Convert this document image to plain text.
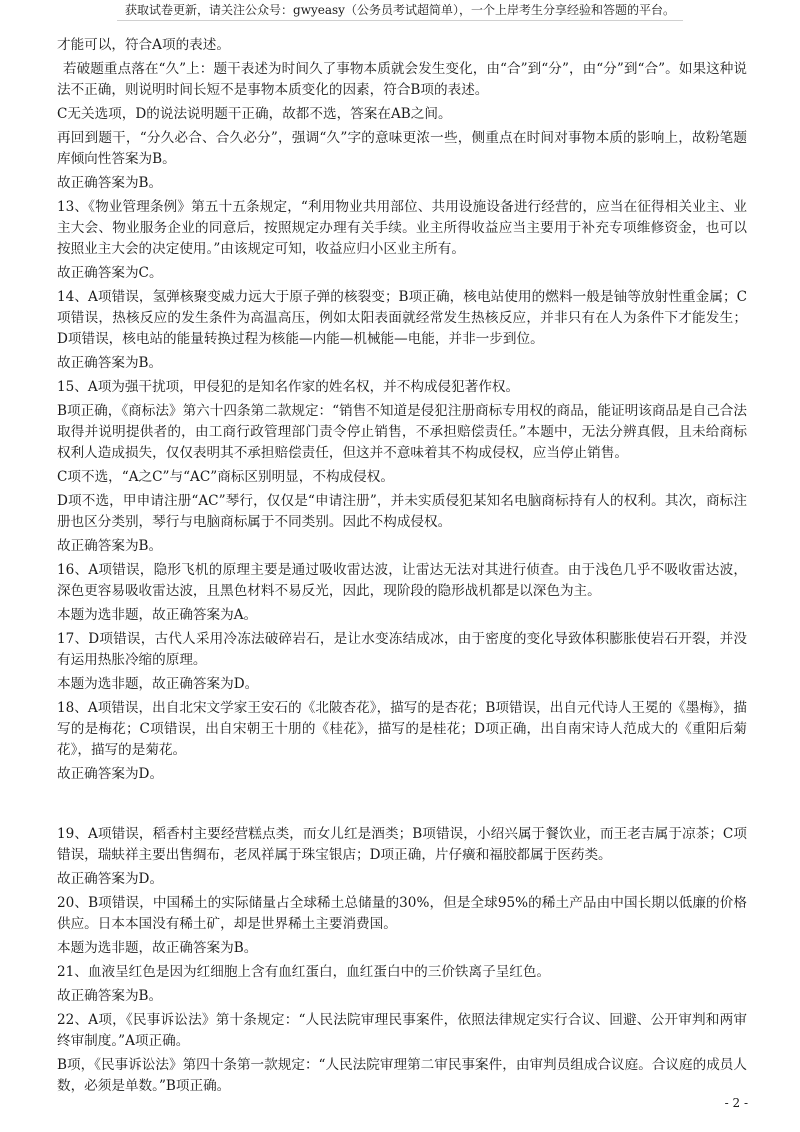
获取试卷更新，请关注公众号：gwyeasy（公务员考试超简单），一个上岸考生分享经验和答题的平台。

才能可以，符合A项的表述。

若破题重点落在“久”上：题干表述为时间久了事物本质就会发生变化，由“合”到“分”，由“分”到“合”。如果这种说法不正确，则说明时间长短不是事物本质变化的因素，符合B项的表述。

C无关选项，D的说法说明题干正确，故都不选，答案在AB之间。

再回到题干，“分久必合、合久必分”，强调“久”字的意味更浓一些，侧重点在时间对事物本质的影响上，故粉笔题库倾向性答案为B。

故正确答案为B。

13、《物业管理条例》第五十五条规定，“利用物业共用部位、共用设施设备进行经营的，应当在征得相关业主、业主大会、物业服务企业的同意后，按照规定办理有关手续。业主所得收益应当主要用于补充专项维修资金，也可以按照业主大会的决定使用。”由该规定可知，收益应归小区业主所有。

故正确答案为C。

14、A项错误，氢弹核聚变威力远大于原子弹的核裂变；B项正确，核电站使用的燃料一般是铀等放射性重金属；C项错误，热核反应的发生条件为高温高压，例如太阳表面就经常发生热核反应，并非只有在人为条件下才能发生；D项错误，核电站的能量转换过程为核能—内能—机械能—电能，并非一步到位。

故正确答案为B。

15、A项为强干扰项，甲侵犯的是知名作家的姓名权，并不构成侵犯著作权。

B项正确，《商标法》第六十四条第二款规定：“销售不知道是侵犯注册商标专用权的商品，能证明该商品是自己合法取得并说明提供者的，由工商行政管理部门责令停止销售，不承担赔偿责任。”本题中，无法分辨真假，且未给商标权利人造成损失，仅仅表明其不承担赔偿责任，但这并不意味着其不构成侵权，应当停止销售。

C项不选，“A之C”与“AC”商标区别明显，不构成侵权。

D项不选，甲申请注册“AC”琴行，仅仅是“申请注册”，并未实质侵犯某知名电脑商标持有人的权利。其次，商标注册也区分类别，琴行与电脑商标属于不同类别。因此不构成侵权。

故正确答案为B。

16、A项错误，隐形飞机的原理主要是通过吸收雷达波，让雷达无法对其进行侦查。由于浅色几乎不吸收雷达波，深色更容易吸收雷达波，且黑色材料不易反光，因此，现阶段的隐形战机都是以深色为主。

本题为选非题，故正确答案为A。

17、D项错误，古代人采用冷冻法破碎岩石，是让水变冻结成冰，由于密度的变化导致体积膨胀使岩石开裂，并没有运用热胀冷缩的原理。

本题为选非题，故正确答案为D。

18、A项错误，出自北宋文学家王安石的《北陂杏花》，描写的是杏花；B项错误，出自元代诗人王冕的《墨梅》，描写的是梅花；C项错误，出自宋朝王十朋的《桂花》，描写的是桂花；D项正确，出自南宋诗人范成大的《重阳后菊花》，描写的是菊花。

故正确答案为D。

19、A项错误，稻香村主要经营糕点类，而女儿红是酒类；B项错误，小绍兴属于餐饮业，而王老吉属于凉茶；C项错误，瑞蚨祥主要出售绸布，老凤祥属于珠宝银店；D项正确，片仔癀和福胶都属于医药类。

故正确答案为D。

20、B项错误，中国稀土的实际储量占全球稀土总储量的30%，但是全球95%的稀土产品由中国长期以低廉的价格供应。日本本国没有稀土矿，却是世界稀土主要消费国。

本题为选非题，故正确答案为B。

21、血液呈红色是因为红细胞上含有血红蛋白，血红蛋白中的三价铁离子呈红色。

故正确答案为B。

22、A项，《民事诉讼法》第十条规定：“人民法院审理民事案件，依照法律规定实行合议、回避、公开审判和两审终审制度。”A项正确。

B项，《民事诉讼法》第四十条第一款规定：“人民法院审理第二审民事案件，由审判员组成合议庭。合议庭的成员人数，必须是单数。”B项正确。

- 2 -
